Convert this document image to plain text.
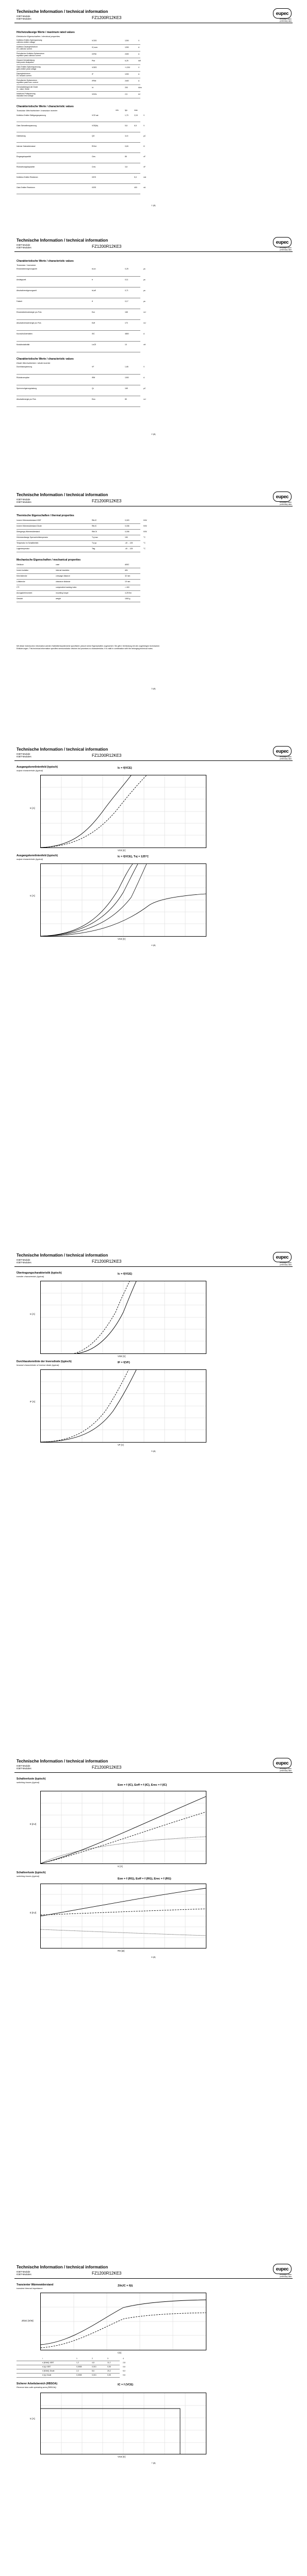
Technische Information / technical information
IGBT-Module
IGBT-Modules	FZ1200R12KE3
eupec
vorläufige Daten
preliminary data
Höchstzulässige Werte / maximum rated values
Elektrische Eigenschaften / electrical properties
Kollektor-Emitter-Sperrspannung
collector-emitter voltage
VCES	1200	V
Kollektor-Dauergleichstrom
DC-collector current
IC,nom	1200	A
Periodischer Kollektor Spitzenstrom
repetitive peak collector current
ICRM	2400	A
Gesamt-Verlustleistung
total power dissipation
Ptot	6,25	kW
Gate-Emitter-Spitzenspannung
gate-emitter peak voltage
VGES	+/-20V	V
Dauergleichstrom
DC forward current
IF	1200	A
Periodischer Spitzenstrom
repetitive peak forw. current
IFRM	2400	A
Grenzlastintegral der Diode
I²t - value, Diode
I²t	200	kA²s
Isolations-Prüfspannung
insulation test voltage
VISOL	2,5	kV
Charakteristische Werte / characteristic values
Transistor Wechselrichter / transistor inverter	min.	typ.	max.
Kollektor-Emitter Sättigungsspannung	VCE sat	1,70	2,15	V
Gate-Schwellenspannung	VGE(th)	5,8	6,5	V
Gateladung	QG	11,5	µC
Interner Gatewiderstand	RGint	0,63	Ω
Eingangskapazität	Cies	85	nF
Rückwirkungskapazität	Cres	3,8	nF
Kollektor-Emitter Reststrom	ICES	5,0	mA
Gate-Emitter Reststrom	IGES	400	nA
1 (8)
Technische Information / technical information
IGBT-Module
IGBT-Modules	FZ1200R12KE3
eupec
vorläufige Daten
preliminary data
Charakteristische Werte / characteristic values
Transistor / transistor
Einschaltverzögerungszeit	td,on	0,25	µs
Anstiegszeit	tr	0,11	µs
Abschaltverzögerungszeit	td,off	0,71	µs
Fallzeit	tf	0,17	µs
Einschaltverlustenergie pro Puls	Eon	165	mJ
Abschaltverlustenergie pro Puls	Eoff	170	mJ
Kurzschlußverhalten	ISC	4800	A
Modulinduktivität	LsCE	10	nH
Charakteristische Werte / characteristic values
Diode Wechselrichter / diode inverter
Durchlassspannung	VF	1,65	V
Rückstromspitze	IRM	1000	A
Sperrverzögerungsladung	Qr	165	µC
Abschaltenergie pro Puls	Erec	80	mJ
2 (8)
Technische Information / technical information
IGBT-Module
IGBT-Modules	FZ1200R12KE3
eupec
vorläufige Daten
preliminary data
Thermische Eigenschaften / thermal properties
Innerer Wärmewiderstand IGBT	RthJC	0,020	K/W
Innerer Wärmewiderstand Diode	RthJC	0,036	K/W
Übergangs-Wärmewiderstand	RthCK	0,006	K/W
Höchstzulässige Sperrschichttemperatur	Tvj max	150	°C
Temperatur im Schaltbetrieb	Tvj op	-40 ... 125	°C
Lagertemperatur	Tstg	-40 ... 125	°C
Mechanische Eigenschaften / mechanical properties
Gehäuse	case	AlSiC
Innere Isolation	internal insulation	AlN
Kriechstrecke	creepage distance	32 mm
Luftstrecke	clearance distance	19 mm
CTI	comperative tracking index	> 400
Anzugsdrehmoment	mounting torque	4,25 Nm
Gewicht	weight	1500 g
Mit dieser technischen Information werden Halbleiterbauelemente spezifiziert, jedoch keine Eigenschaften zugesichert. Sie gilt in Verbindung mit den zugehörigen technischen Erläuterungen. This technical information specifies semiconductor devices but promises no characteristics. It is valid in combination with the belonging technical notes.
3 (8)
Technische Information / technical information
IGBT-Module
IGBT-Modules	FZ1200R12KE3
eupec
vorläufige Daten
preliminary data
Ausgangskennlinienfeld (typisch)
output characteristic (typical)
Ic = f(VCE)
VCE [V]
Ic [A]
Ausgangskennlinienfeld (typisch)
output characteristic (typical)
Ic = f(VCE), Tvj = 125°C
VCE [V]
Ic [A]
4 (8)
Technische Information / technical information
IGBT-Module
IGBT-Modules	FZ1200R12KE3
eupec
vorläufige Daten
preliminary data
Übertragungscharakteristik (typisch)
transfer characteristic (typical)
Ic = f(VGE)
VGE [V]
Ic [A]
Durchlasskennlinie der Inversdiode (typisch)
forward characteristic of inverse diode (typical)
IF = f(VF)
VF [V]
IF [A]
5 (8)
Technische Information / technical information
IGBT-Module
IGBT-Modules	FZ1200R12KE3
eupec
vorläufige Daten
preliminary data
Schaltverluste (typisch)
switching losses (typical)
Eon = f (IC), Eoff = f (IC), Erec = f (IC)
Ic [A]
E [mJ]
Schaltverluste (typisch)
switching losses (typical)
Eon = f (RG), Eoff = f (RG), Erec = f (RG)
RG [Ω]
E [mJ]
6 (8)
Technische Information / technical information
IGBT-Module
IGBT-Modules	FZ1200R12KE3
eupec
vorläufige Daten
preliminary data
Transienter Wärmewiderstand
transient thermal impedance
ZthJC = f(t)
t [s]
ZthJC [K/W]
i	1	2	3	4
ri [K/kW]: IGBT	1,2	4,8	11,2	2,8
τi [s]: IGBT	0,0008	0,013	0,05	0,6
ri [K/kW]: Diode	2,2	8,6	20,2	5,0
τi [s]: Diode	0,0008	0,013	0,05	0,6
Sicherer Arbeitsbereich (RBSOA)
Reverse bias safe operating area (RBSOA)
IC = f (VCE)
VCE [V]
Ic [A]
7 (8)
